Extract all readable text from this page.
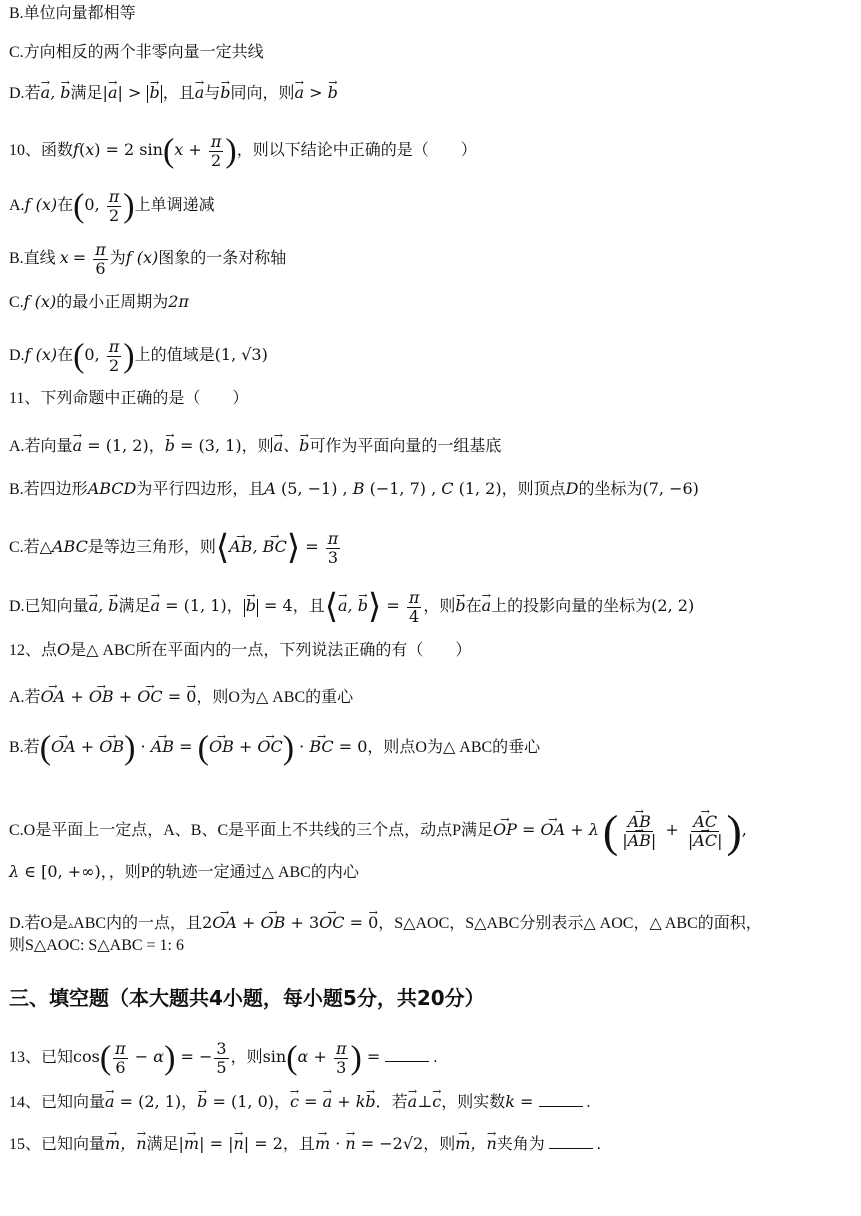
B.单位向量都相等
C.方向相反的两个非零向量一定共线
D.若→ a, → b满足|→ a| > → b ，且→ a与→ b同向，则→ a > → b
10、函数f(x) = 2 $\sin(x + \frac{\pi}{2}$ )，则以下结论中正确的是（　　）
A.f (x)在(0, $\frac{\pi}{2}$ )上单调递减
B.直线 $x = \frac{\pi}{6}$ 为f (x)图象的一条对称轴
C.f (x)的最小正周期为2π
D.f (x)在(0, $\frac{\pi}{2}$ )上的值域是(1, √3)
11、下列命题中正确的是（　　）
A.若向量→ a = (1, 2)，→ b = (3, 1)，则→ a、→ b可作为平面向量的一组基底
B.若四边形ABCD为平行四边形，且A (5, −1) , B (−1, 7) , C (1, 2)，则顶点D的坐标为(7, −6)
C.若△ABC是等边三角形，则⟨→ AB, → BC⟩ = $\frac{\pi}{3}$
D.已知向量→ a, → b满足→ a = (1, 1)， → b = 4，且⟨→ a, → b⟩ = $\frac{\pi}{4}$ ，则→ b在→ a上的投影向量的坐标为(2, 2)
12、点O是△ ABC所在平面内的一点，下列说法正确的有（　　）
A.若→ OA + → OB + → OC = → 0，则O为△ ABC的重心
B.若(→ OA + → OB) · → AB = (→ OB + → OC) · → BC = 0，则点O为△ ABC的垂心
C.O是平面上一定点，A、B、C是平面上不共线的三个点，动点P满足→ OP = → OA + λ ( → $\frac{AB}{|\to AB|}$ + → $\frac{AC}{|\to AC|}$ ),
λ ∈ [0, +∞)，，则P的轨迹一定通过△ ABC的内心
D.若O是▵ABC内的一点，且2→ OA + → OB + 3→ OC = → 0，S△AOC，S△ABC分别表示△ AOC，△ ABC的面积，
则S△AOC: S△ABC = 1: 6
三、填空题（本大题共4小题，每小题5分，共20分）
13、已知$\cos( \frac{\pi}{6} - \alpha)$ = − $\frac{3}{5}$ ，则$\sin(\alpha + \frac{\pi}{3}$ ) =	.
14、已知向量→ a = (2, 1)，→ b = (1, 0)，→ c = → a + k→ b．若→ a⊥→ c，则实数k =	.
15、已知向量→ m，→ n满足|→ m| = |→ n| = 2，且→ m · → n = −2√2，则→ m，→ n夹角为	.
